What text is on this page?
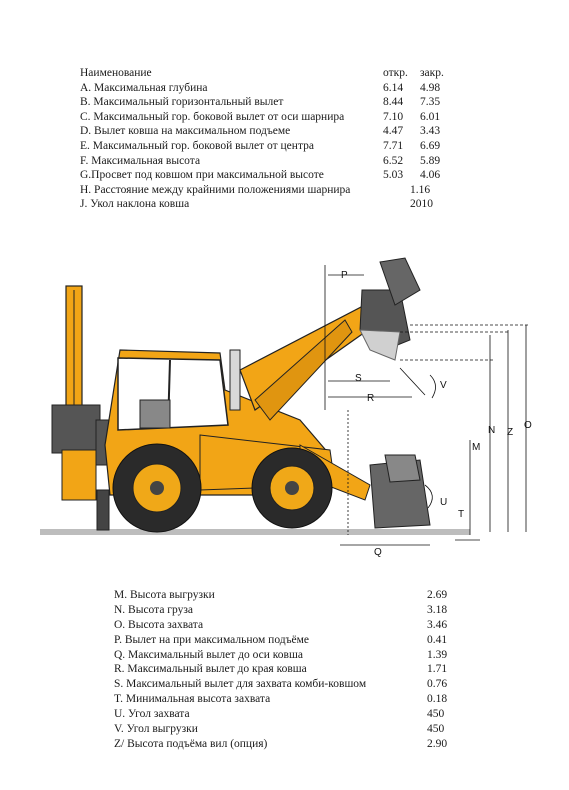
Наименование	откр. закр.
A. Максимальная глубина	6.14 4.98
B. Максимальный горизонтальный вылет	8.44 7.35
C. Максимальный гор. боковой вылет от оси шарнира	7.10 6.01
D. Вылет ковша на максимальном подъеме	4.47 3.43
E. Максимальный гор. боковой вылет от центра	7.71 6.69
F. Максимальная высота	6.52 5.89
G.Просвет под ковшом при максимальной высоте	5.03 4.06
H. Расстояние между крайними положениями шарнира	1.16
J. Укол наклона ковша	2010
P
S
R
V
M
N Z
O
U
T
Q
M. Высота выгрузки	2.69
N. Высота груза	3.18
O. Высота захвата	3.46
P. Вылет на при максимальном подъёме	0.41
Q. Максимальный вылет до оси ковша	1.39
R. Максимальный вылет до края ковша	1.71
S. Максимальный вылет для захвата комби-ковшом	0.76
T. Минимальная высота захвата	0.18
U. Угол захвата	450
V. Угол выгрузки	450
Z/ Высота подъёма вил (опция)	2.90
